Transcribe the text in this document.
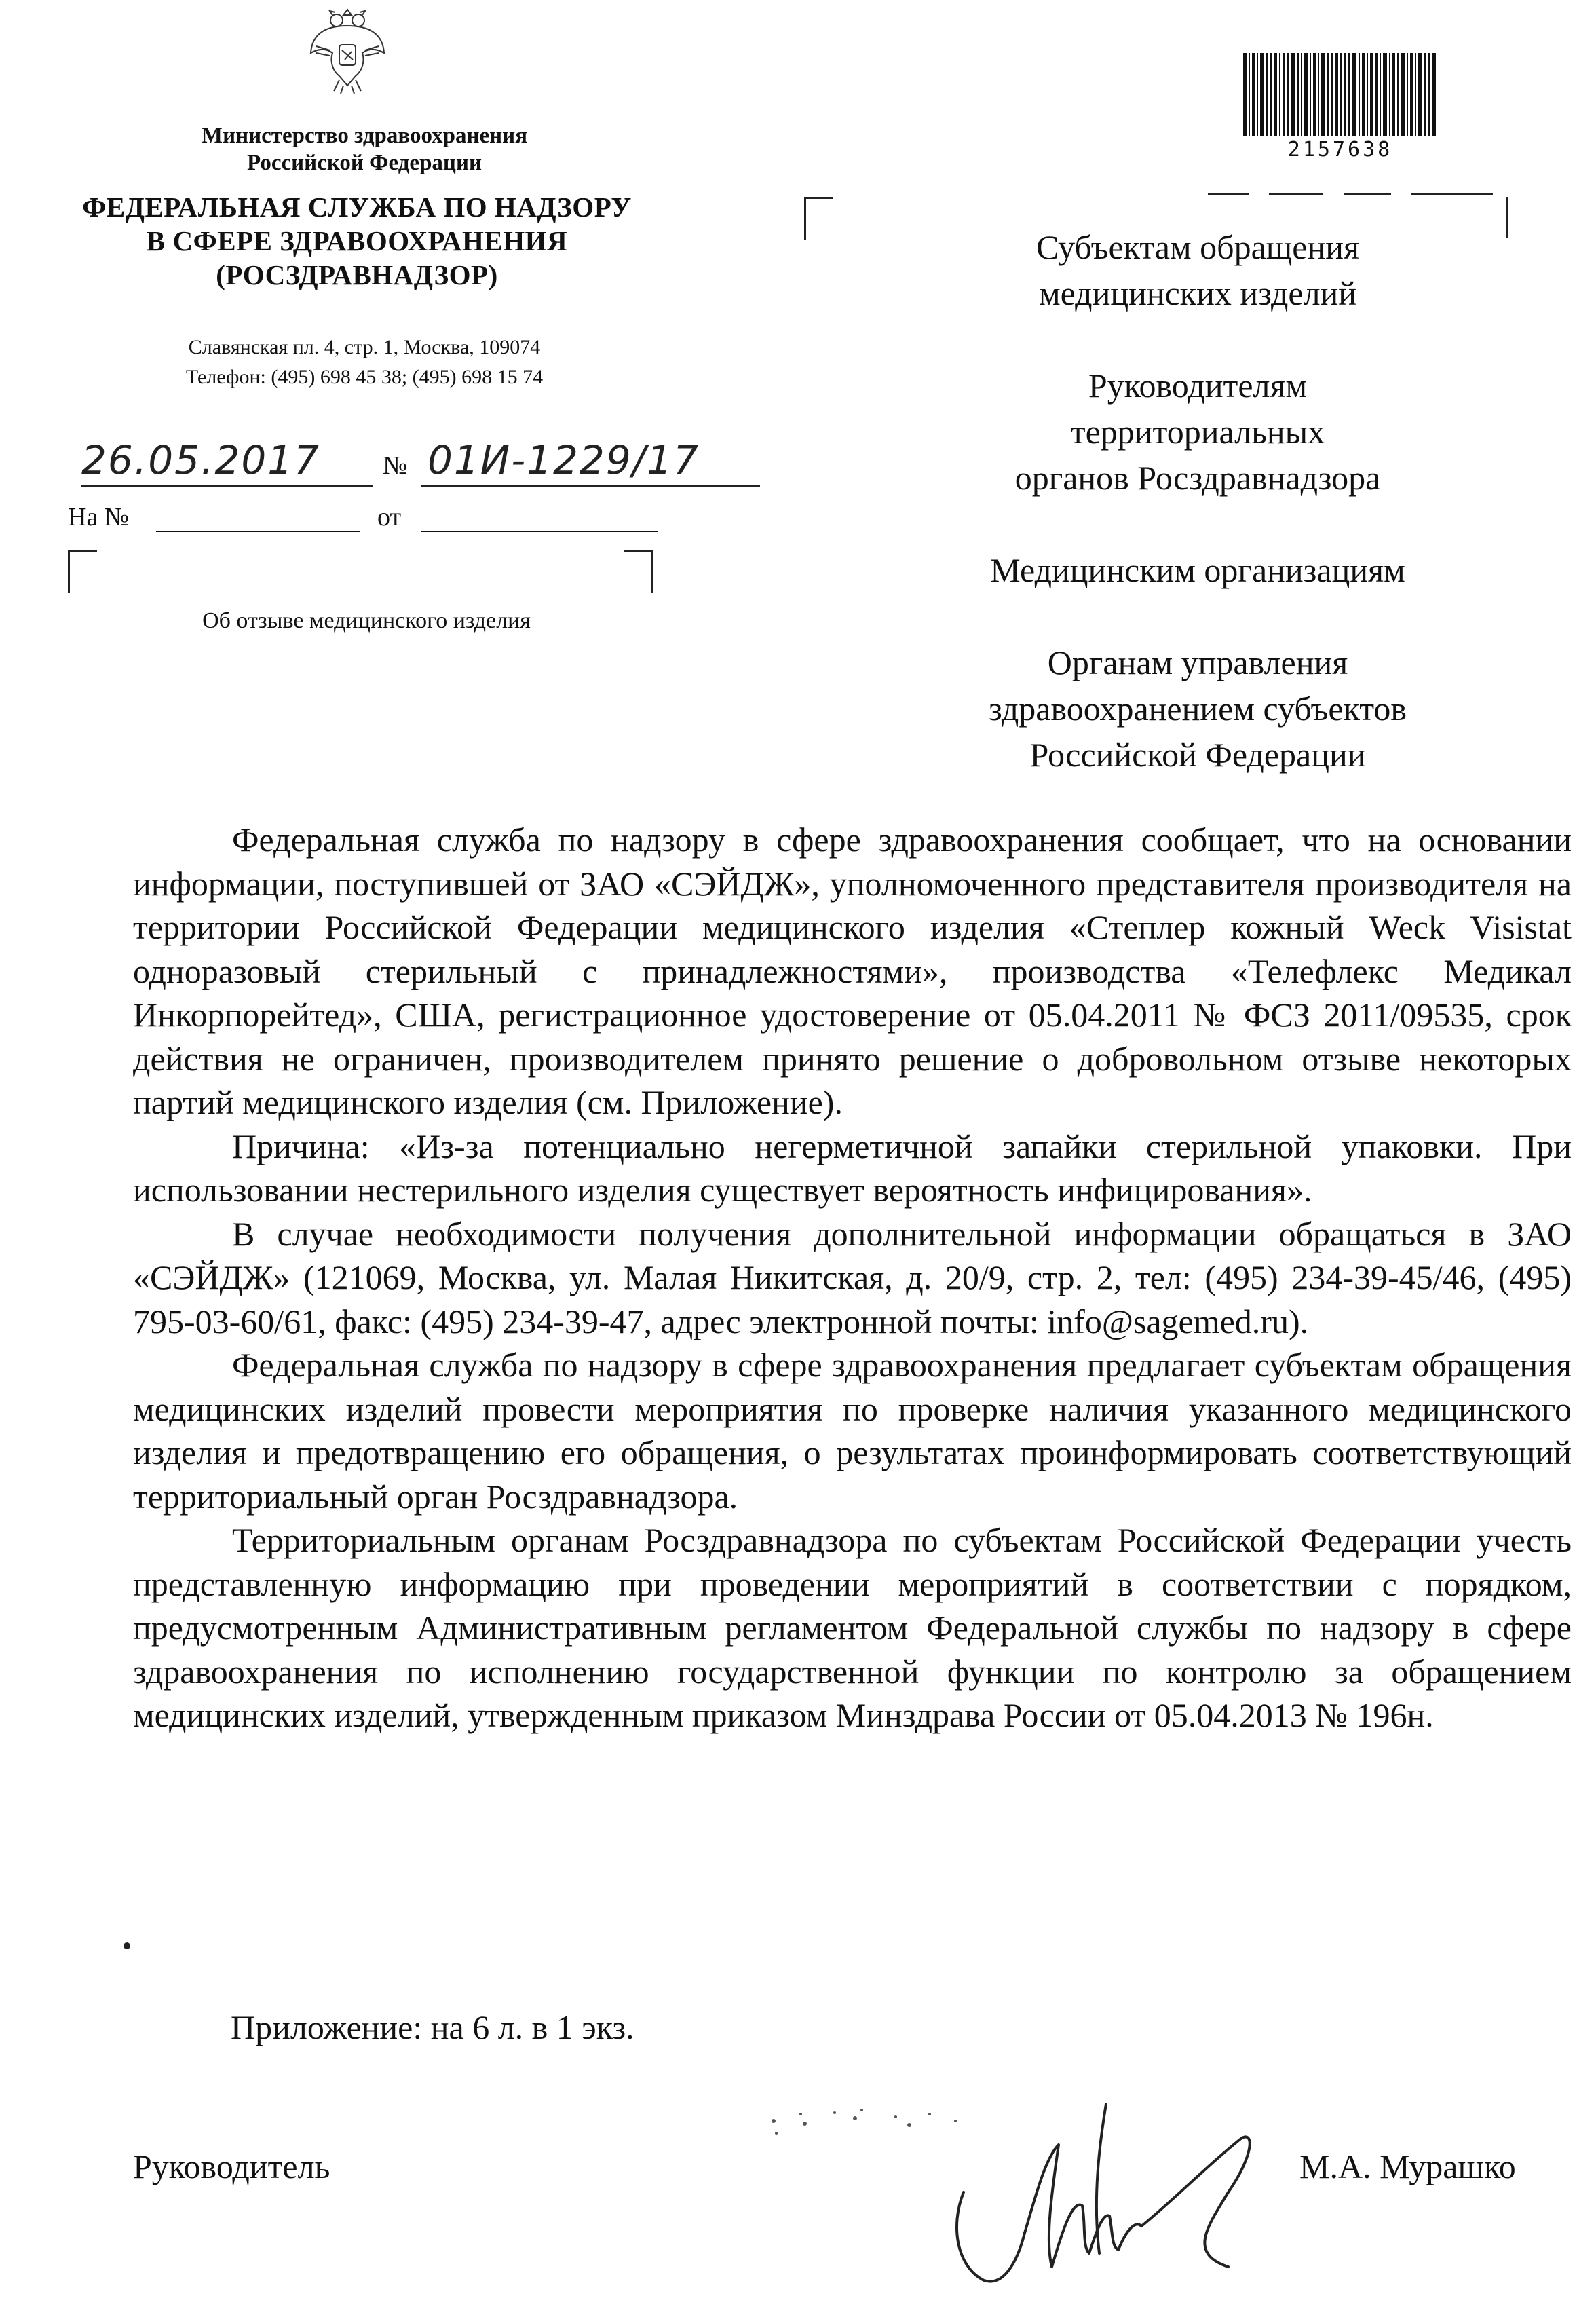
Министерство здравоохранения
Российской Федерации
ФЕДЕРАЛЬНАЯ СЛУЖБА ПО НАДЗОРУ
В СФЕРЕ ЗДРАВООХРАНЕНИЯ
(РОСЗДРАВНАДЗОР)
Славянская пл. 4, стр. 1, Москва, 109074
Телефон: (495) 698 45 38; (495) 698 15 74
26.05.2017 № 01И-1229/17
На №	от
Об отзыве медицинского изделия
2157638

Субъектам обращения
медицинских изделий

Руководителям
территориальных
органов Росздравнадзора

Медицинским организациям

Органам управления
здравоохранением субъектов
Российской Федерации

Федеральная служба по надзору в сфере здравоохранения сообщает, что на основании информации, поступившей от ЗАО «СЭЙДЖ», уполномоченного представителя производителя на территории Российской Федерации медицинского изделия «Степлер кожный Weck Visistat одноразовый стерильный с принадлежностями», производства «Телефлекс Медикал Инкорпорейтед», США, регистрационное удостоверение от 05.04.2011 № ФСЗ 2011/09535, срок действия не ограничен, производителем принято решение о добровольном отзыве некоторых партий медицинского изделия (см. Приложение).

Причина: «Из-за потенциально негерметичной запайки стерильной упаковки. При использовании нестерильного изделия существует вероятность инфицирования».

В случае необходимости получения дополнительной информации обращаться в ЗАО «СЭЙДЖ» (121069, Москва, ул. Малая Никитская, д. 20/9, стр. 2, тел: (495) 234-39-45/46, (495) 795-03-60/61, факс: (495) 234-39-47, адрес электронной почты: info@sagemed.ru).

Федеральная служба по надзору в сфере здравоохранения предлагает субъектам обращения медицинских изделий провести мероприятия по проверке наличия указанного медицинского изделия и предотвращению его обращения, о результатах проинформировать соответствующий территориальный орган Росздравнадзора.

Территориальным органам Росздравнадзора по субъектам Российской Федерации учесть представленную информацию при проведении мероприятий в соответствии с порядком, предусмотренным Административным регламентом Федеральной службы по надзору в сфере здравоохранения по исполнению государственной функции по контролю за обращением медицинских изделий, утвержденным приказом Минздрава России от 05.04.2013 № 196н.

Приложение: на 6 л. в 1 экз.
Руководитель	М.А. Мурашко
